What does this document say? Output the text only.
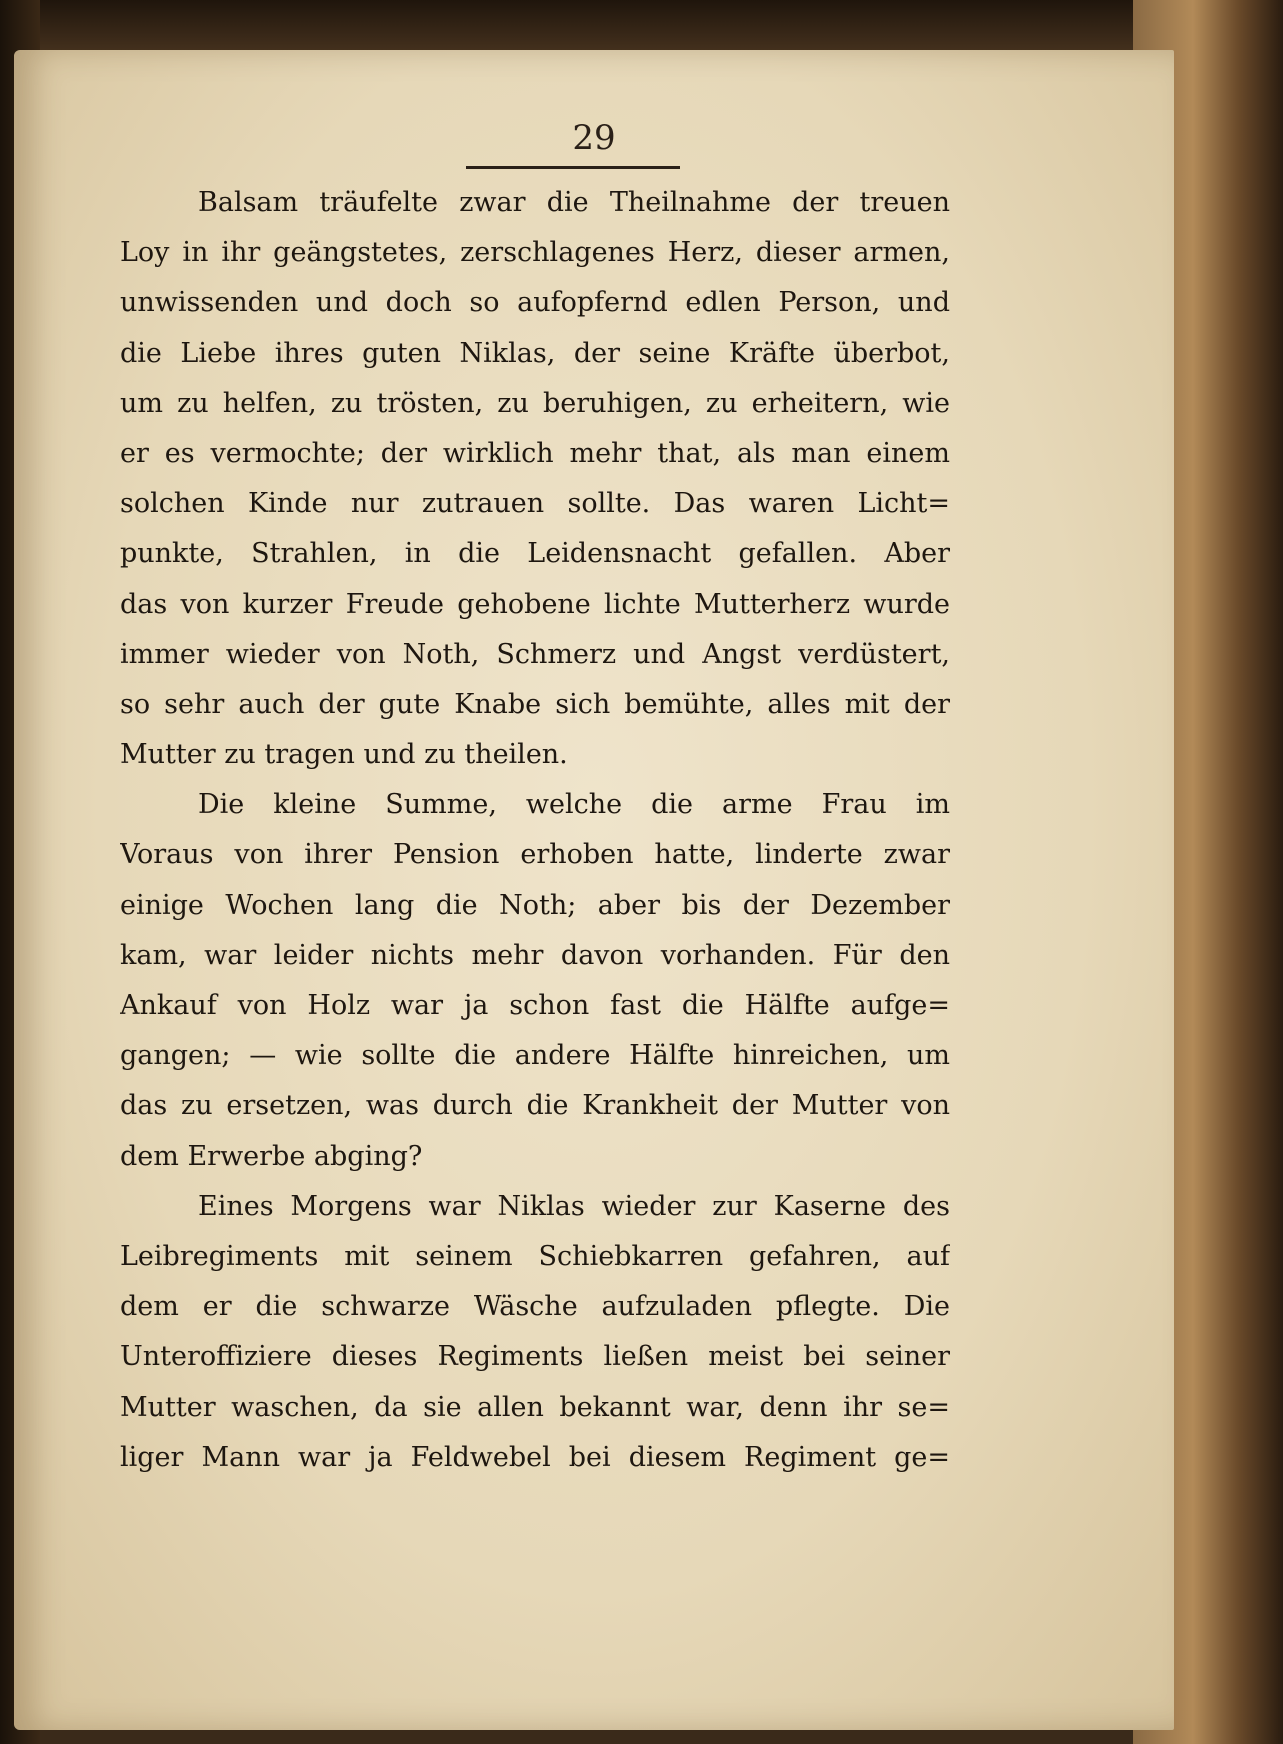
29
Balsam träufelte zwar die Theilnahme der treuen
Loy in ihr geängstetes, zerschlagenes Herz, dieser armen,
unwissenden und doch so aufopfernd edlen Person, und
die Liebe ihres guten Niklas, der seine Kräfte überbot,
um zu helfen, zu trösten, zu beruhigen, zu erheitern, wie
er es vermochte; der wirklich mehr that, als man einem
solchen Kinde nur zutrauen sollte. Das waren Licht=
punkte, Strahlen, in die Leidensnacht gefallen. Aber
das von kurzer Freude gehobene lichte Mutterherz wurde
immer wieder von Noth, Schmerz und Angst verdüstert,
so sehr auch der gute Knabe sich bemühte, alles mit der
Mutter zu tragen und zu theilen.
Die kleine Summe, welche die arme Frau im
Voraus von ihrer Pension erhoben hatte, linderte zwar
einige Wochen lang die Noth; aber bis der Dezember
kam, war leider nichts mehr davon vorhanden. Für den
Ankauf von Holz war ja schon fast die Hälfte aufge=
gangen; — wie sollte die andere Hälfte hinreichen, um
das zu ersetzen, was durch die Krankheit der Mutter von
dem Erwerbe abging?
Eines Morgens war Niklas wieder zur Kaserne des
Leibregiments mit seinem Schiebkarren gefahren, auf
dem er die schwarze Wäsche aufzuladen pflegte. Die
Unteroffiziere dieses Regiments ließen meist bei seiner
Mutter waschen, da sie allen bekannt war, denn ihr se=
liger Mann war ja Feldwebel bei diesem Regiment ge=
